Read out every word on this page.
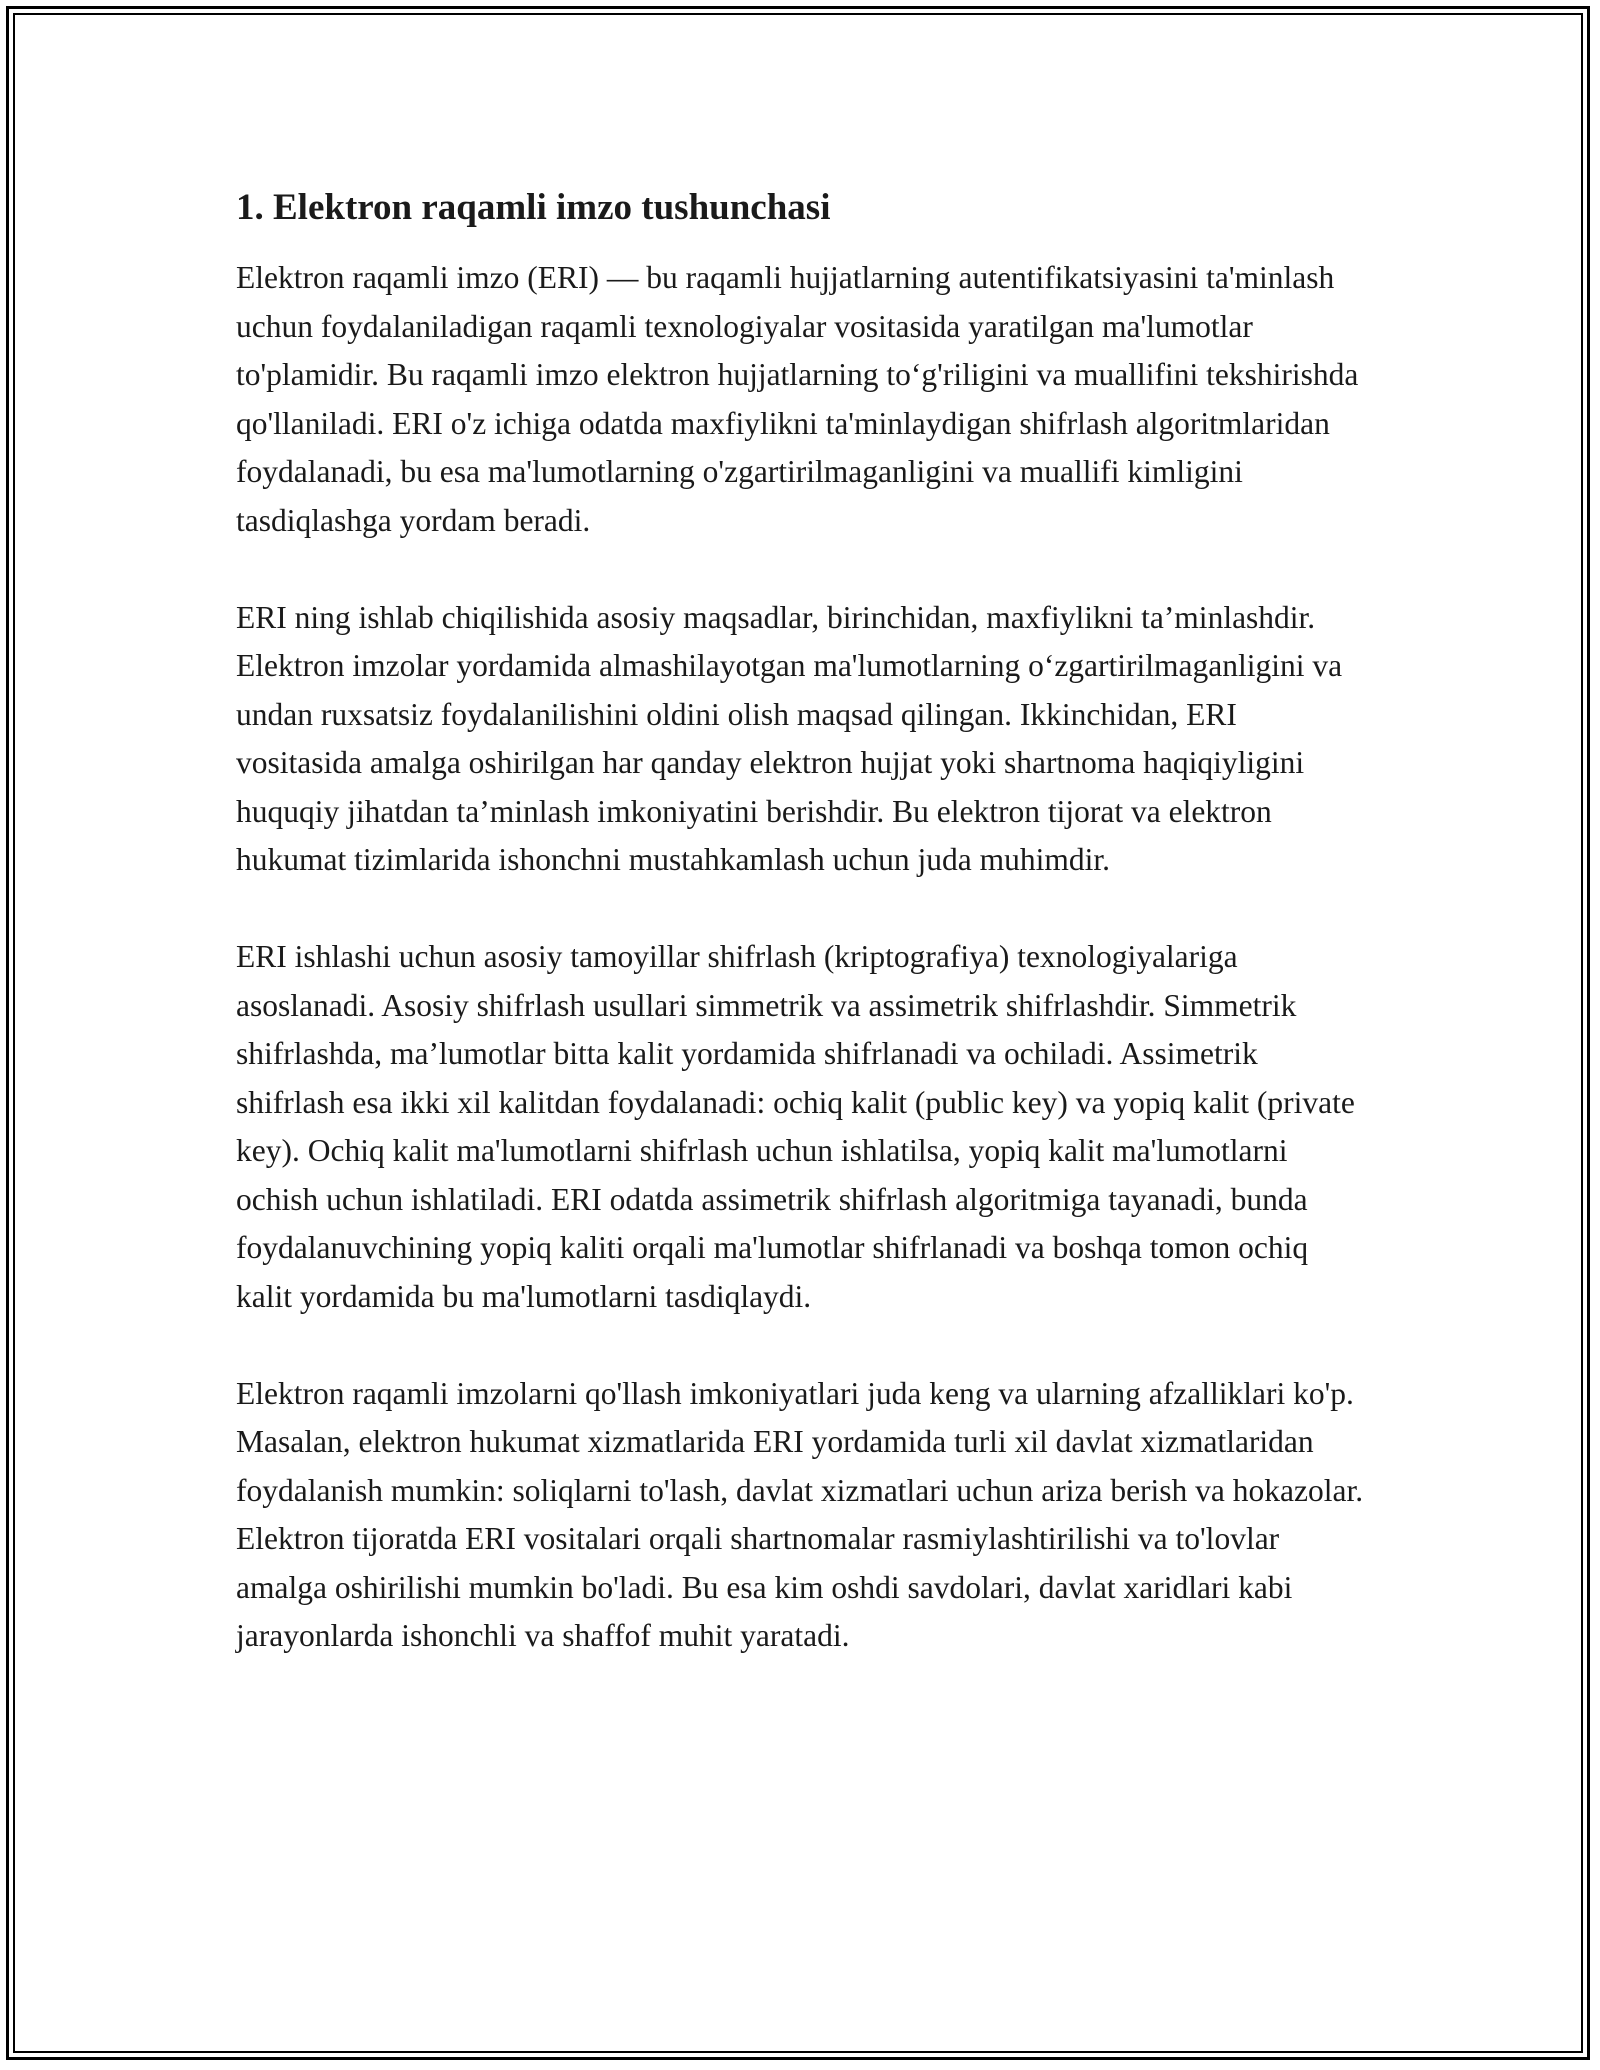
1. Elektron raqamli imzo tushunchasi

Elektron raqamli imzo (ERI) — bu raqamli hujjatlarning autentifikatsiyasini ta'minlash uchun foydalaniladigan raqamli texnologiyalar vositasida yaratilgan ma'lumotlar to'plamidir. Bu raqamli imzo elektron hujjatlarning to‘g'riligini va muallifini tekshirishda qo'llaniladi. ERI o'z ichiga odatda maxfiylikni ta'minlaydigan shifrlash algoritmlaridan foydalanadi, bu esa ma'lumotlarning o'zgartirilmaganligini va muallifi kimligini tasdiqlashga yordam beradi.

ERI ning ishlab chiqilishida asosiy maqsadlar, birinchidan, maxfiylikni ta’minlashdir. Elektron imzolar yordamida almashilayotgan ma'lumotlarning o‘zgartirilmaganligini va undan ruxsatsiz foydalanilishini oldini olish maqsad qilingan. Ikkinchidan, ERI vositasida amalga oshirilgan har qanday elektron hujjat yoki shartnoma haqiqiyligini huquqiy jihatdan ta’minlash imkoniyatini berishdir. Bu elektron tijorat va elektron hukumat tizimlarida ishonchni mustahkamlash uchun juda muhimdir.

ERI ishlashi uchun asosiy tamoyillar shifrlash (kriptografiya) texnologiyalariga asoslanadi. Asosiy shifrlash usullari simmetrik va assimetrik shifrlashdir. Simmetrik shifrlashda, ma’lumotlar bitta kalit yordamida shifrlanadi va ochiladi. Assimetrik shifrlash esa ikki xil kalitdan foydalanadi: ochiq kalit (public key) va yopiq kalit (private key). Ochiq kalit ma'lumotlarni shifrlash uchun ishlatilsa, yopiq kalit ma'lumotlarni ochish uchun ishlatiladi. ERI odatda assimetrik shifrlash algoritmiga tayanadi, bunda foydalanuvchining yopiq kaliti orqali ma'lumotlar shifrlanadi va boshqa tomon ochiq kalit yordamida bu ma'lumotlarni tasdiqlaydi.

Elektron raqamli imzolarni qo'llash imkoniyatlari juda keng va ularning afzalliklari ko'p. Masalan, elektron hukumat xizmatlarida ERI yordamida turli xil davlat xizmatlaridan foydalanish mumkin: soliqlarni to'lash, davlat xizmatlari uchun ariza berish va hokazolar. Elektron tijoratda ERI vositalari orqali shartnomalar rasmiylashtirilishi va to'lovlar amalga oshirilishi mumkin bo'ladi. Bu esa kim oshdi savdolari, davlat xaridlari kabi jarayonlarda ishonchli va shaffof muhit yaratadi.
